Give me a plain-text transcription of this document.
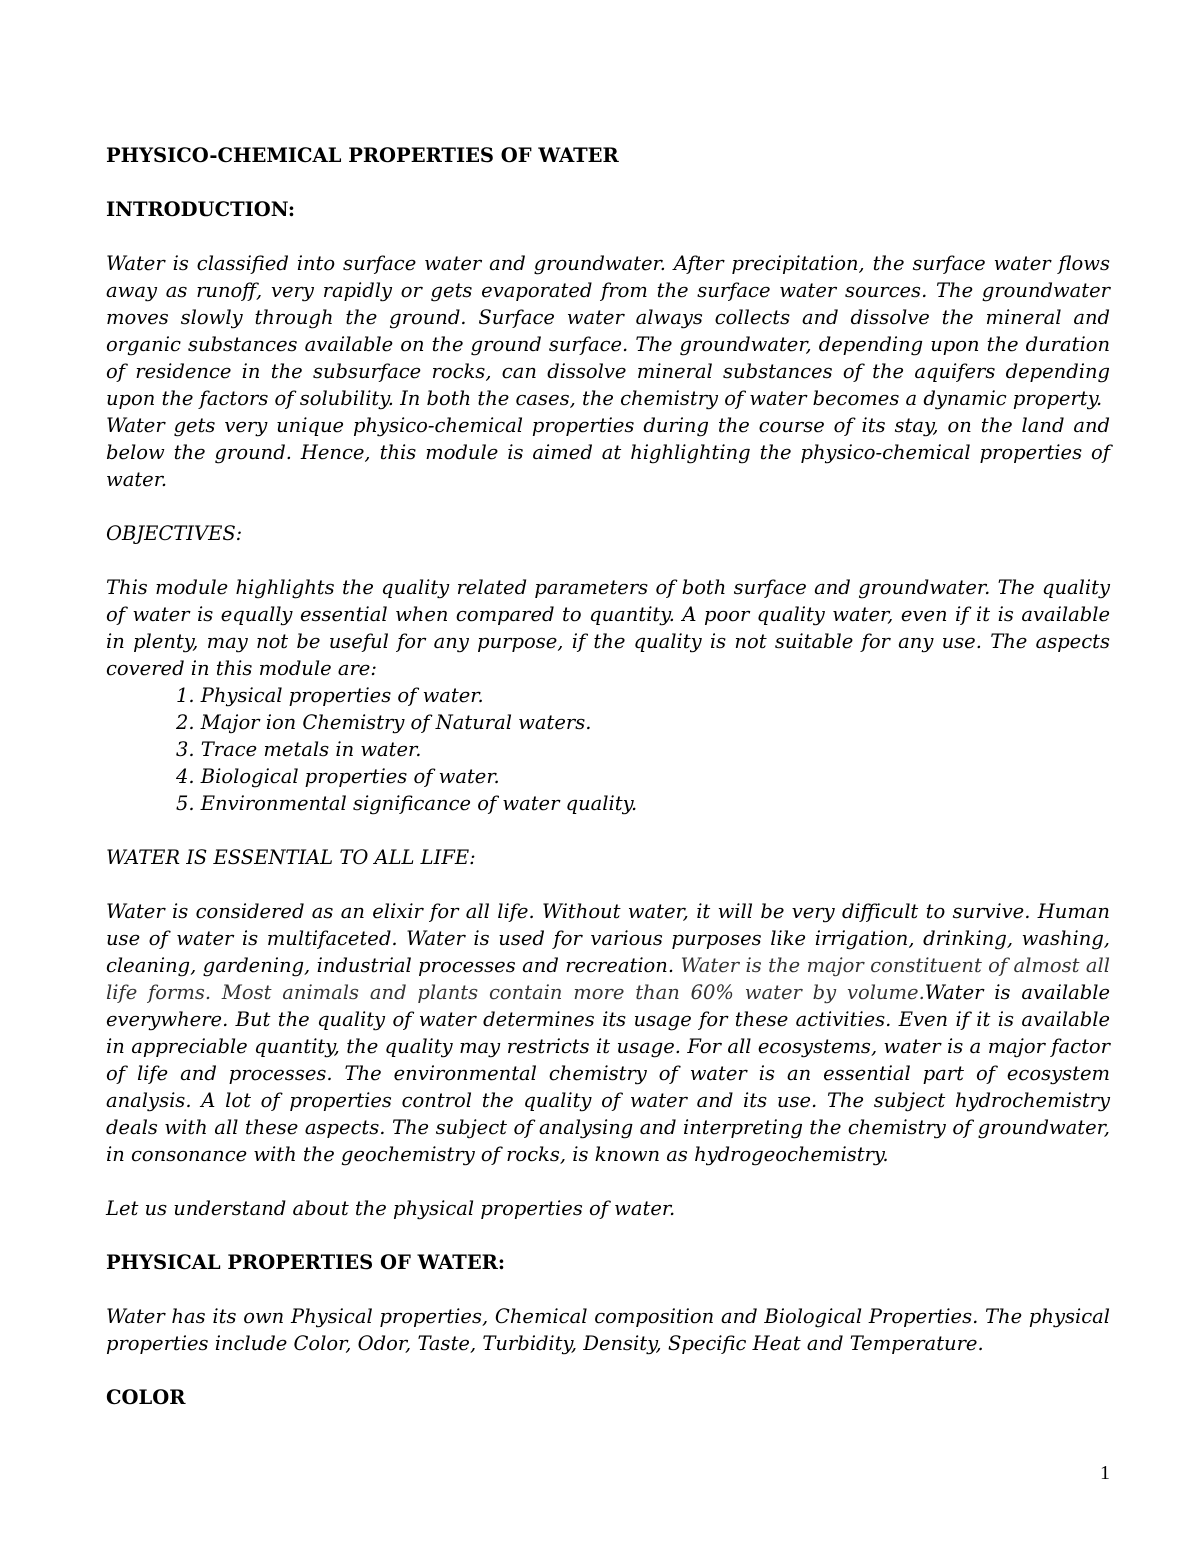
PHYSICO-CHEMICAL PROPERTIES OF WATER

INTRODUCTION:

Water is classified into surface water and groundwater. After precipitation, the surface water flows away as runoff, very rapidly or gets evaporated from the surface water sources. The groundwater moves slowly through the ground. Surface water always collects and dissolve the mineral and organic substances available on the ground surface. The groundwater, depending upon the duration of residence in the subsurface rocks, can dissolve mineral substances of the aquifers depending upon the factors of solubility. In both the cases, the chemistry of water becomes a dynamic property.

Water gets very unique physico-chemical properties during the course of its stay, on the land and below the ground. Hence, this module is aimed at highlighting the physico-chemical properties of water.

OBJECTIVES:

This module highlights the quality related parameters of both surface and groundwater. The quality of water is equally essential when compared to quantity. A poor quality water, even if it is available in plenty, may not be useful for any purpose, if the quality is not suitable for any use. The aspects covered in this module are:

1. Physical properties of water.
2. Major ion Chemistry of Natural waters.
3. Trace metals in water.
4. Biological properties of water.
5. Environmental significance of water quality.

WATER IS ESSENTIAL TO ALL LIFE:

Water is considered as an elixir for all life. Without water, it will be very difficult to survive. Human use of water is multifaceted. Water is used for various purposes like irrigation, drinking, washing, cleaning, gardening, industrial processes and recreation. Water is the major constituent of almost all life forms. Most animals and plants contain more than 60% water by volume.Water is available everywhere. But the quality of water determines its usage for these activities. Even if it is available in appreciable quantity, the quality may restricts it usage. For all ecosystems, water is a major factor of life and processes. The environmental chemistry of water is an essential part of ecosystem analysis. A lot of properties control the quality of water and its use. The subject hydrochemistry deals with all these aspects. The subject of analysing and interpreting the chemistry of groundwater, in consonance with the geochemistry of rocks, is known as hydrogeochemistry.

Let us understand about the physical properties of water.

PHYSICAL PROPERTIES OF WATER:

Water has its own Physical properties, Chemical composition and Biological Properties. The physical properties include Color, Odor, Taste, Turbidity, Density, Specific Heat and Temperature.

COLOR

1
